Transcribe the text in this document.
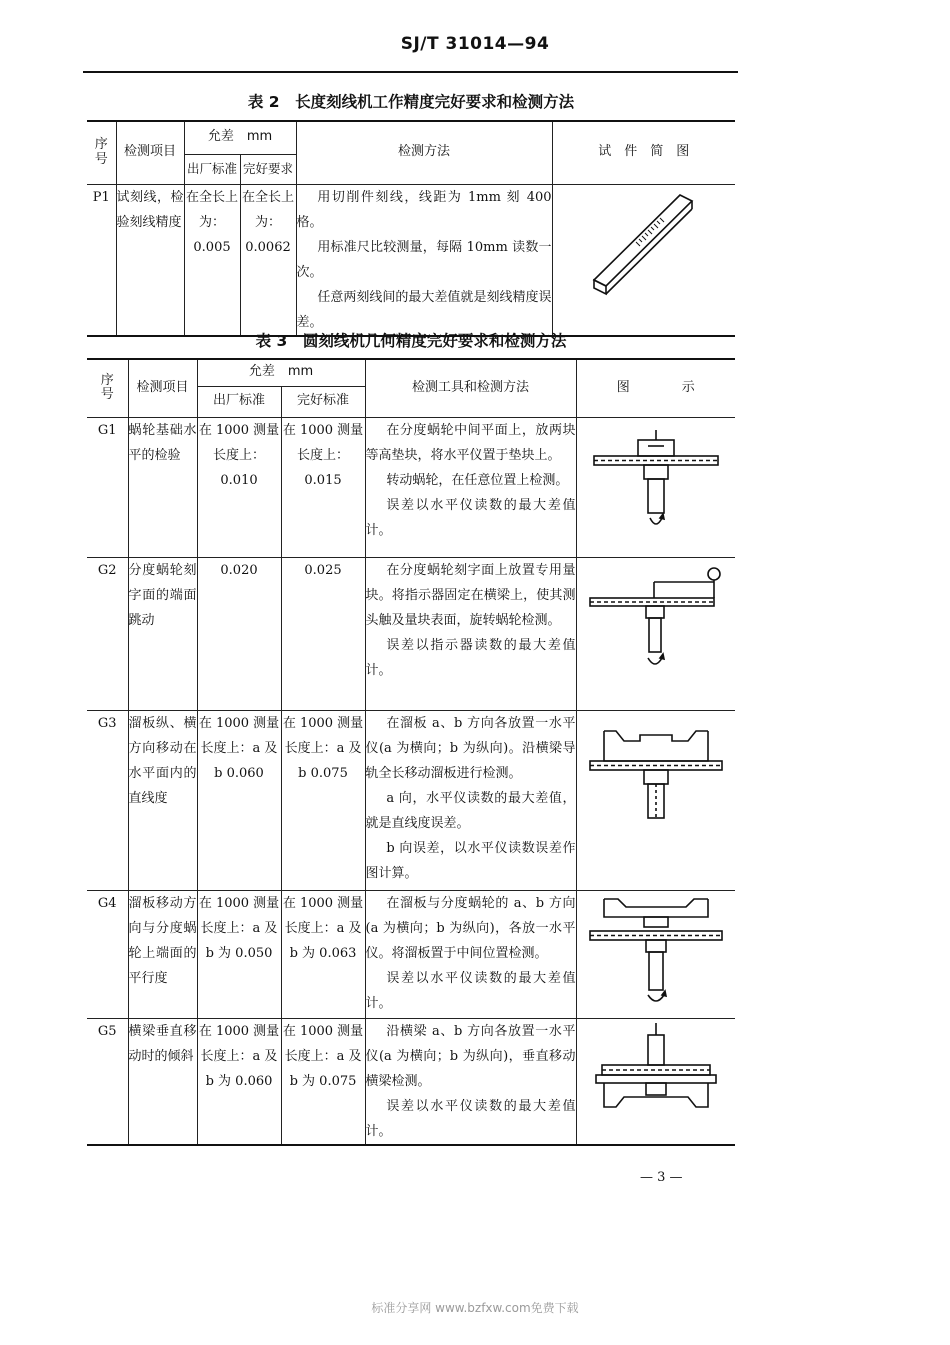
SJ/T 31014—94
表 2　长度刻线机工作精度完好要求和检测方法
序号	检测项目	允差　mm		检测方法	试　件　简　图
		出厂标准	完好要求		
P1	试刻线，检验刻线精度	在全长上为：0.005	在全长上为：0.0062	用切削件刻线，线距为 1mm 刻 400 格。
用标准尺比较测量，每隔 10mm 读数一次。
任意两刻线间的最大差值就是刻线精度误差。

表 3　圆刻线机几何精度完好要求和检测方法
序号	检测项目	允差　mm		检测工具和检测方法	图　　　　示
		出厂标准	完好标准		
G1	蜗轮基础水平的检验	在 1000 测量长度上：0.010	在 1000 测量长度上：0.015	在分度蜗轮中间平面上，放两块等高垫块，将水平仪置于垫块上。
转动蜗轮，在任意位置上检测。
误差以水平仪读数的最大差值计。

G2	分度蜗轮刻字面的端面跳动	0.020	0.025	在分度蜗轮刻字面上放置专用量块。将指示器固定在横梁上，使其测头触及量块表面，旋转蜗轮检测。
误差以指示器读数的最大差值计。

G3	溜板纵、横方向移动在水平面内的直线度	在 1000 测量长度上：a 及 b 0.060	在 1000 测量长度上：a 及 b 0.075	在溜板 a、b 方向各放置一水平仪(a 为横向；b 为纵向)。沿横梁导轨全长移动溜板进行检测。
a 向，水平仪读数的最大差值，就是直线度误差。
b 向误差，以水平仪读数误差作图计算。

G4	溜板移动方向与分度蜗轮上端面的平行度	在 1000 测量长度上：a 及 b 为 0.050	在 1000 测量长度上：a 及 b 为 0.063	在溜板与分度蜗轮的 a、b 方向(a 为横向；b 为纵向)，各放一水平仪。将溜板置于中间位置检测。
误差以水平仪读数的最大差值计。

G5	横梁垂直移动时的倾斜	在 1000 测量长度上：a 及 b 为 0.060	在 1000 测量长度上：a 及 b 为 0.075	沿横梁 a、b 方向各放置一水平仪(a 为横向；b 为纵向)，垂直移动横梁检测。
误差以水平仪读数的最大差值计。

— 3 —
标准分享网 www.bzfxw.com免费下载
